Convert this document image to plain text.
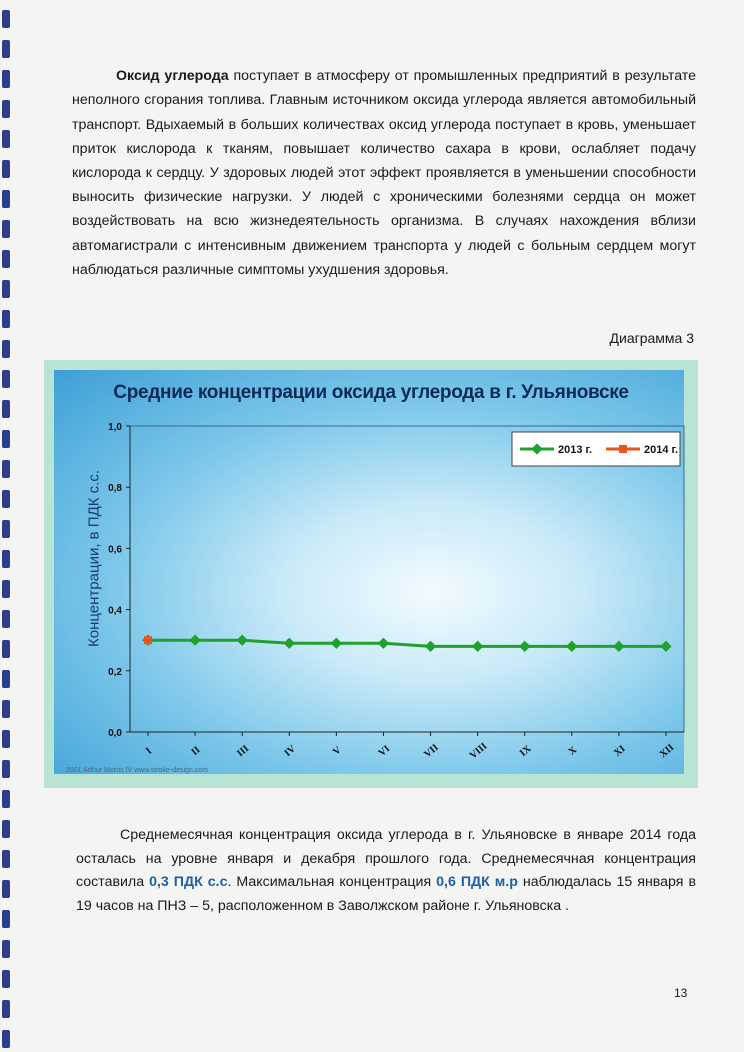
Оксид углерода поступает в атмосферу от промышленных предприятий в результате неполного сгорания топлива. Главным источником оксида углерода является автомобильный транспорт. Вдыхаемый в больших количествах оксид углерода поступает в кровь, уменьшает приток кислорода к тканям, повышает количество сахара в крови, ослабляет подачу кислорода к сердцу. У здоровых людей этот эффект проявляется в уменьшении способности выносить физические нагрузки. У людей с хроническими болезнями сердца он может воздействовать на всю жизнедеятельность организма. В случаях нахождения вблизи автомагистрали с интенсивным движением транспорта у людей с больным сердцем могут наблюдаться различные симптомы ухудшения здоровья.

Диаграмма 3
Средние концентрации оксида углерода в г. Ульяновске
0,0
0,2
0,4
0,6
0,8
1,0
I	II	III	IV	V	VI	VII	VIII	IX	X	XI	XII
2013 г.	2014 г.
2001 Arthur Morris IV www.stroke-design.com
Концентрации, в ПДК с.с.

Среднемесячная концентрация оксида углерода в г. Ульяновске в январе 2014 года осталась на уровне января и декабря прошлого года. Среднемесячная концентрация составила 0,3 ПДК с.с. Максимальная концентрация 0,6 ПДК м.р наблюдалась 15 января в 19 часов на ПНЗ – 5, расположенном в Заволжском районе г. Ульяновска .

13
